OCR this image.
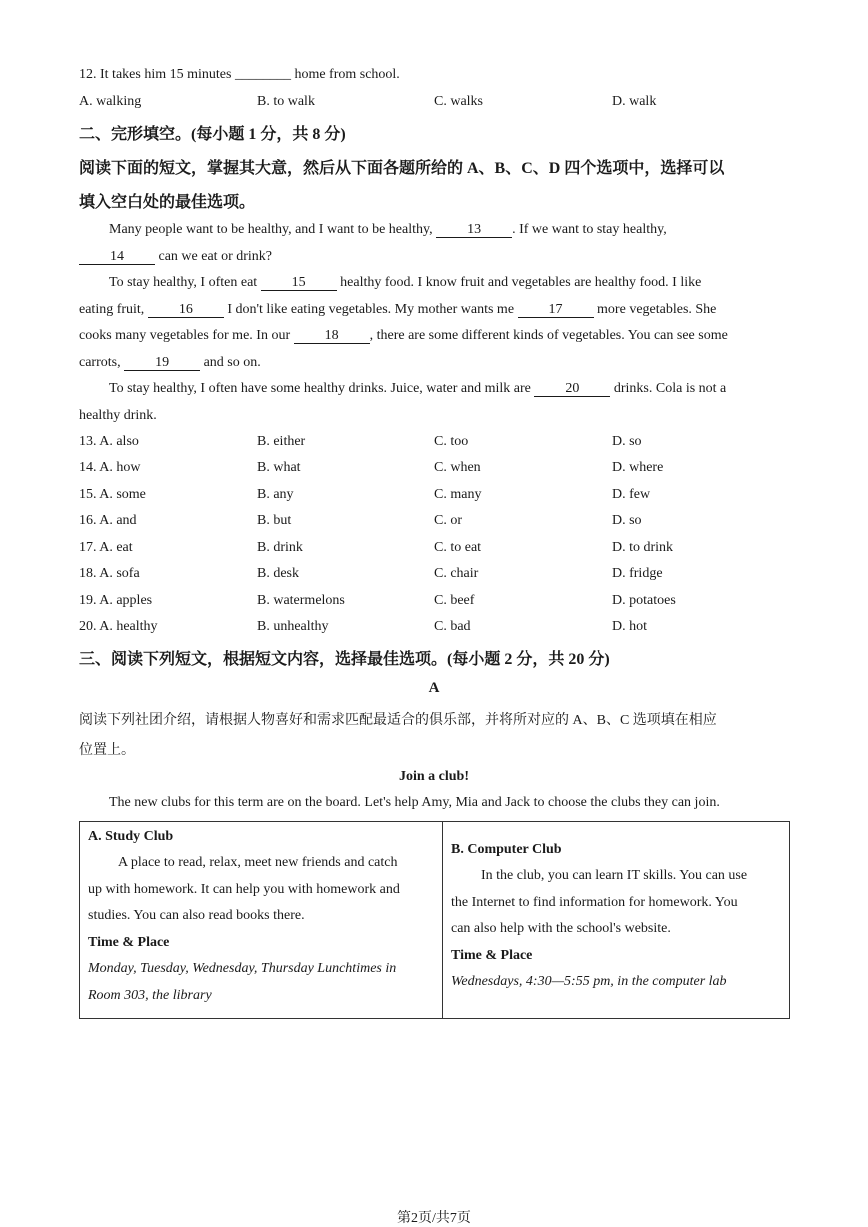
12. It takes him 15 minutes ________ home from school.
A. walking	B. to walk	C. walks	D. walk
二、完形填空。(每小题 1 分，共 8 分)
阅读下面的短文，掌握其大意，然后从下面各题所给的 A、B、C、D 四个选项中，选择可以
填入空白处的最佳选项。
Many people want to be healthy, and I want to be healthy, 13 . If we want to stay healthy,
14 can we eat or drink?
To stay healthy, I often eat 15 healthy food. I know fruit and vegetables are healthy food. I like
eating fruit, 16 I don't like eating vegetables. My mother wants me 17 more vegetables. She
cooks many vegetables for me. In our 18 , there are some different kinds of vegetables. You can see some
carrots, 19 and so on.
To stay healthy, I often have some healthy drinks. Juice, water and milk are 20 drinks. Cola is not a
healthy drink.
13. A. also	B. either	C. too	D. so
14. A. how	B. what	C. when	D. where
15. A. some	B. any	C. many	D. few
16. A. and	B. but	C. or	D. so
17. A. eat	B. drink	C. to eat	D. to drink
18. A. sofa	B. desk	C. chair	D. fridge
19. A. apples	B. watermelons	C. beef	D. potatoes
20. A. healthy	B. unhealthy	C. bad	D. hot
三、阅读下列短文，根据短文内容，选择最佳选项。(每小题 2 分，共 20 分)
A
阅读下列社团介绍，请根据人物喜好和需求匹配最适合的俱乐部，并将所对应的 A、B、C 选项填在相应
位置上。
Join a club!
The new clubs for this term are on the board. Let's help Amy, Mia and Jack to choose the clubs they can join.
A. Study Club
A place to read, relax, meet new friends and catch
up with homework. It can help you with homework and
studies. You can also read books there.
Time & Place
Monday, Tuesday, Wednesday, Thursday Lunchtimes in
Room 303, the library

B. Computer Club
In the club, you can learn IT skills. You can use
the Internet to find information for homework. You
can also help with the school's website.
Time & Place
Wednesdays, 4:30—5:55 pm, in the computer lab
第2页/共7页
